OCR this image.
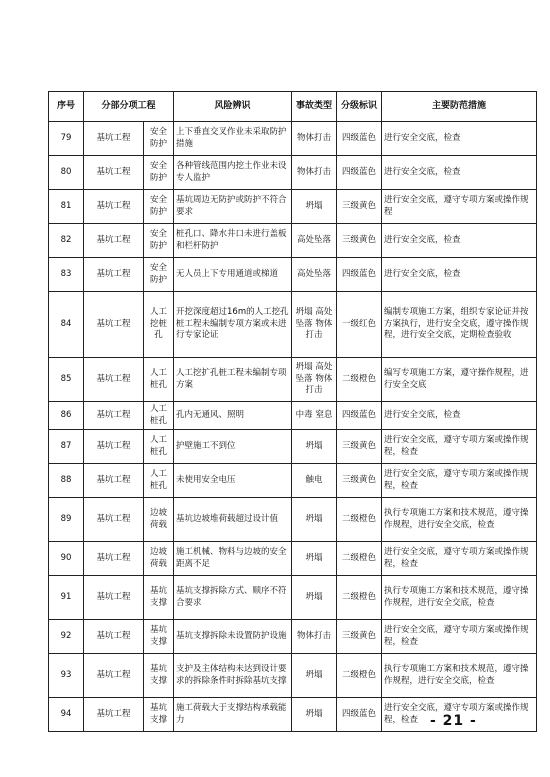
序号	分部分项工程		风险辨识	事故类型	分级标识	主要防范措施
79	基坑工程	安全防护	上下垂直交叉作业未采取防护措施	物体打击	四级蓝色	进行安全交底，检查
80	基坑工程	安全防护	各种管线范围内挖土作业未设专人监护	物体打击	四级蓝色	进行安全交底，检查
81	基坑工程	安全防护	基坑周边无防护或防护不符合要求	坍塌	三级黄色	进行安全交底，遵守专项方案或操作规程
82	基坑工程	安全防护	桩孔口、降水井口未进行盖板和栏杆防护	高处坠落	三级黄色	进行安全交底，检查
83	基坑工程	安全防护	无人员上下专用通道或梯道	高处坠落	四级蓝色	进行安全交底，检查
84	基坑工程	人工挖桩孔	开挖深度超过16m的人工挖孔桩工程未编制专项方案或未进行专家论证	坍塌 高处坠落 物体打击	一级红色	编制专项施工方案，组织专家论证并按方案执行，进行安全交底，遵守操作规程，进行安全交底，定期检查验收
85	基坑工程	人工桩孔	人工挖扩孔桩工程未编制专项方案	坍塌 高处坠落 物体打击	二级橙色	编写专项施工方案，遵守操作规程，进行安全交底
86	基坑工程	人工桩孔	孔内无通风、照明	中毒 窒息	四级蓝色	进行安全交底，检查
87	基坑工程	人工桩孔	护壁施工不到位	坍塌	三级黄色	进行安全交底，遵守专项方案或操作规程，检查
88	基坑工程	人工桩孔	未使用安全电压	触电	三级黄色	进行安全交底，遵守专项方案或操作规程，检查
89	基坑工程	边坡荷载	基坑边坡堆荷载超过设计值	坍塌	二级橙色	执行专项施工方案和技术规范，遵守操作规程，进行安全交底，检查
90	基坑工程	边坡荷载	施工机械、物料与边坡的安全距离不足	坍塌	二级橙色	进行安全交底，遵守专项方案或操作规程，检查
91	基坑工程	基坑支撑	基坑支撑拆除方式、顺序不符合要求	坍塌	二级橙色	执行专项施工方案和技术规范，遵守操作规程，进行安全交底，检查
92	基坑工程	基坑支撑	基坑支撑拆除未设置防护设施	物体打击	三级黄色	进行安全交底，遵守专项方案或操作规程，检查
93	基坑工程	基坑支撑	支护及主体结构未达到设计要求的拆除条件时拆除基坑支撑	坍塌	二级橙色	执行专项施工方案和技术规范，遵守操作规程，进行安全交底，检查
94	基坑工程	基坑支撑	施工荷载大于支撑结构承载能力	坍塌	四级蓝色	进行安全交底，遵守专项方案或操作规程，检查 - 21 -
